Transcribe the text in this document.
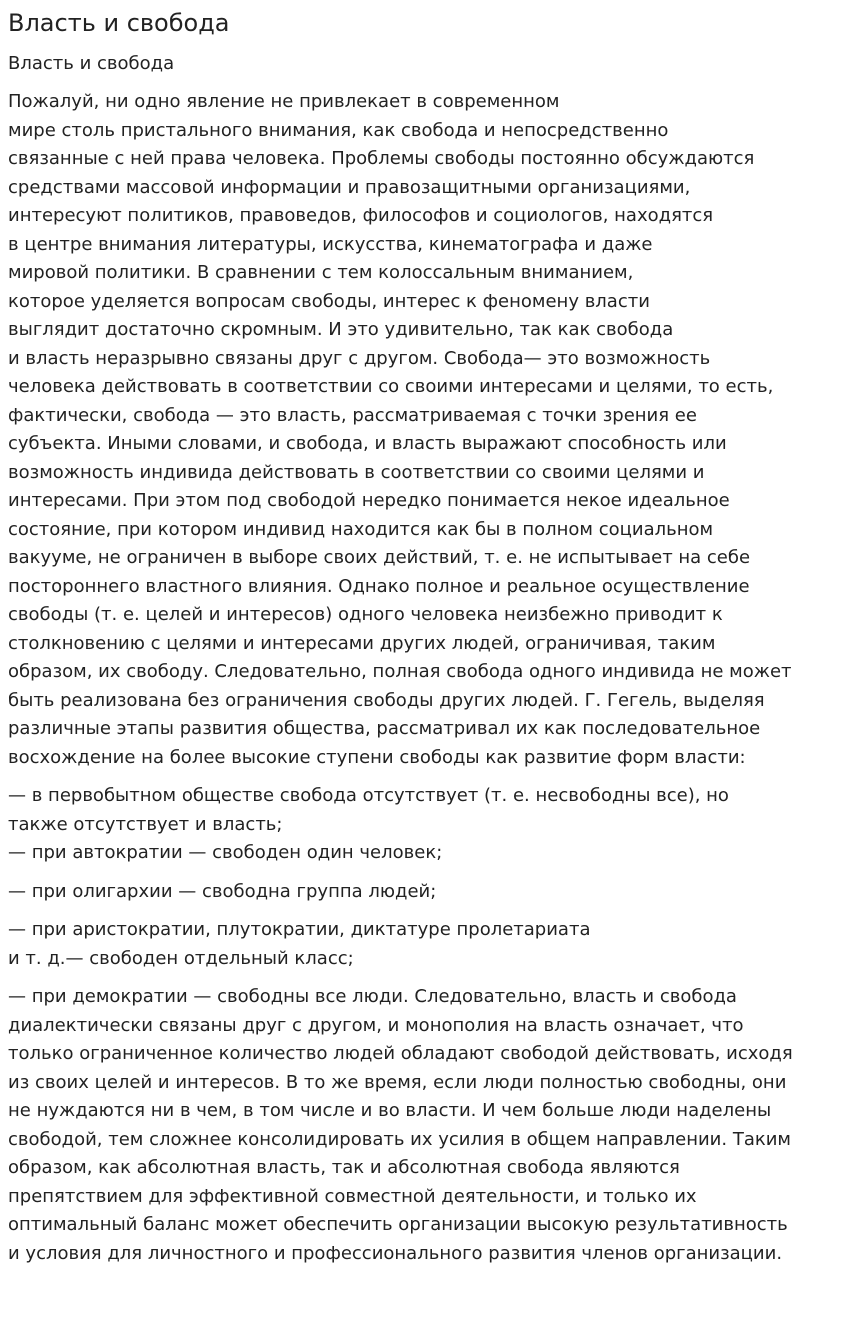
Власть и свобода
Власть и свобода

Пожалуй, ни одно явление не привлекает в современном
мире столь пристального внимания, как свобода и непосредственно
связанные с ней права человека. Проблемы свободы постоянно обсуждаются
средствами массовой информации и правозащитными организациями,
интересуют политиков, правоведов, философов и социологов, находятся
в центре внимания литературы, искусства, кинематографа и даже
мировой политики. В сравнении с тем колоссальным вниманием,
которое уделяется вопросам свободы, интерес к феномену власти
выглядит достаточно скромным. И это удивительно, так как свобода
и власть неразрывно связаны друг с другом. Свобода— это возможность
человека действовать в соответствии со своими интересами и целями, то есть,
фактически, свобода — это власть, рассматриваемая с точки зрения ее
субъекта. Иными словами, и свобода, и власть выражают способность или
возможность индивида действовать в соответствии со своими целями и
интересами. При этом под свободой нередко понимается некое идеальное
состояние, при котором индивид находится как бы в полном социальном
вакууме, не ограничен в выборе своих действий, т. е. не испытывает на себе
постороннего властного влияния. Однако полное и реальное осуществление
свободы (т. е. целей и интересов) одного человека неизбежно приводит к
столкновению с целями и интересами других людей, ограничивая, таким
образом, их свободу. Следовательно, полная свобода одного индивида не может
быть реализована без ограничения свободы других людей. Г. Гегель, выделяя
различные этапы развития общества, рассматривал их как последовательное
восхождение на более высокие ступени свободы как развитие форм власти:

— в первобытном обществе свобода отсутствует (т. е. несвободны все), но
также отсутствует и власть;
— при автократии — свободен один человек;

— при олигархии — свободна группа людей;

— при аристократии, плутократии, диктатуре пролетариата
и т. д.— свободен отдельный класс;

— при демократии — свободны все люди. Следовательно, власть и свобода
диалектически связаны друг с другом, и монополия на власть означает, что
только ограниченное количество людей обладают свободой действовать, исходя
из своих целей и интересов. В то же время, если люди полностью свободны, они
не нуждаются ни в чем, в том числе и во власти. И чем больше люди наделены
свободой, тем сложнее консолидировать их усилия в общем направлении. Таким
образом, как абсолютная власть, так и абсолютная свобода являются
препятствием для эффективной совместной деятельности, и только их
оптимальный баланс может обеспечить организации высокую результативность
и условия для личностного и профессионального развития членов организации.
